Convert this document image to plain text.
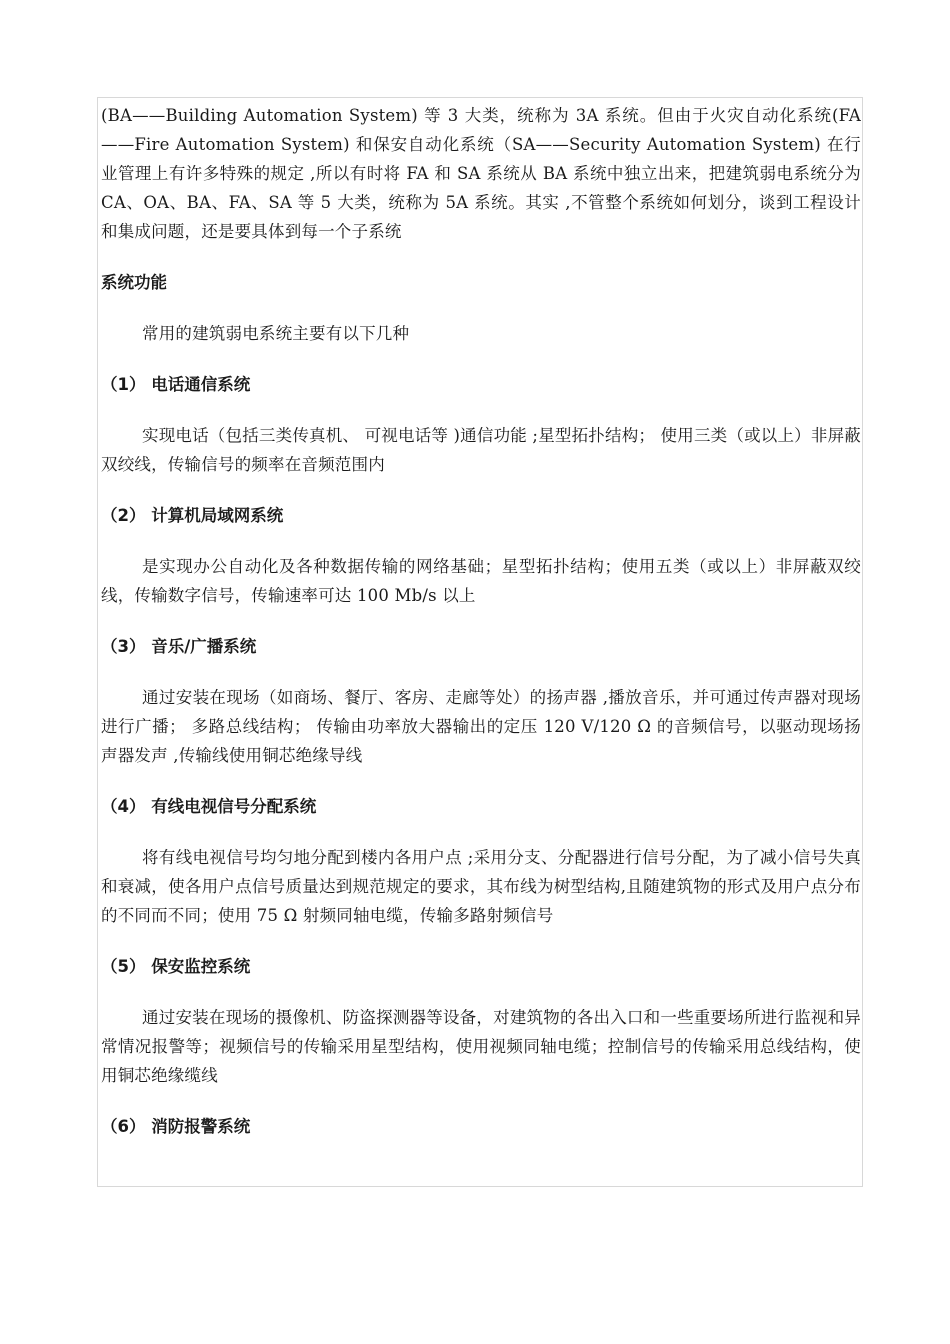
(BA——Building Automation System) 等 3 大类，统称为 3A 系统。但由于火灾自动化系统(FA——Fire Automation System) 和保安自动化系统（SA——Security Automation System) 在行业管理上有许多特殊的规定 ,所以有时将 FA 和 SA 系统从 BA 系统中独立出来，把建筑弱电系统分为 CA、OA、BA、FA、SA 等 5 大类，统称为 5A 系统。其实 ,不管整个系统如何划分，谈到工程设计和集成问题，还是要具体到每一个子系统

系统功能

常用的建筑弱电系统主要有以下几种

（1） 电话通信系统

实现电话（包括三类传真机、 可视电话等 )通信功能 ;星型拓扑结构； 使用三类（或以上）非屏蔽双绞线，传输信号的频率在音频范围内

（2） 计算机局域网系统

是实现办公自动化及各种数据传输的网络基础；星型拓扑结构；使用五类（或以上）非屏蔽双绞线，传输数字信号，传输速率可达 100 Mb/s 以上

（3） 音乐/广播系统

通过安装在现场（如商场、餐厅、客房、走廊等处）的扬声器 ,播放音乐，并可通过传声器对现场进行广播； 多路总线结构； 传输由功率放大器输出的定压 120 V/120 Ω 的音频信号，以驱动现场扬声器发声 ,传输线使用铜芯绝缘导线

（4） 有线电视信号分配系统

将有线电视信号均匀地分配到楼内各用户点 ;采用分支、分配器进行信号分配，为了减小信号失真和衰减，使各用户点信号质量达到规范规定的要求，其布线为树型结构,且随建筑物的形式及用户点分布的不同而不同；使用 75 Ω 射频同轴电缆，传输多路射频信号

（5） 保安监控系统

通过安装在现场的摄像机、防盗探测器等设备，对建筑物的各出入口和一些重要场所进行监视和异常情况报警等；视频信号的传输采用星型结构，使用视频同轴电缆；控制信号的传输采用总线结构，使用铜芯绝缘缆线

（6） 消防报警系统
